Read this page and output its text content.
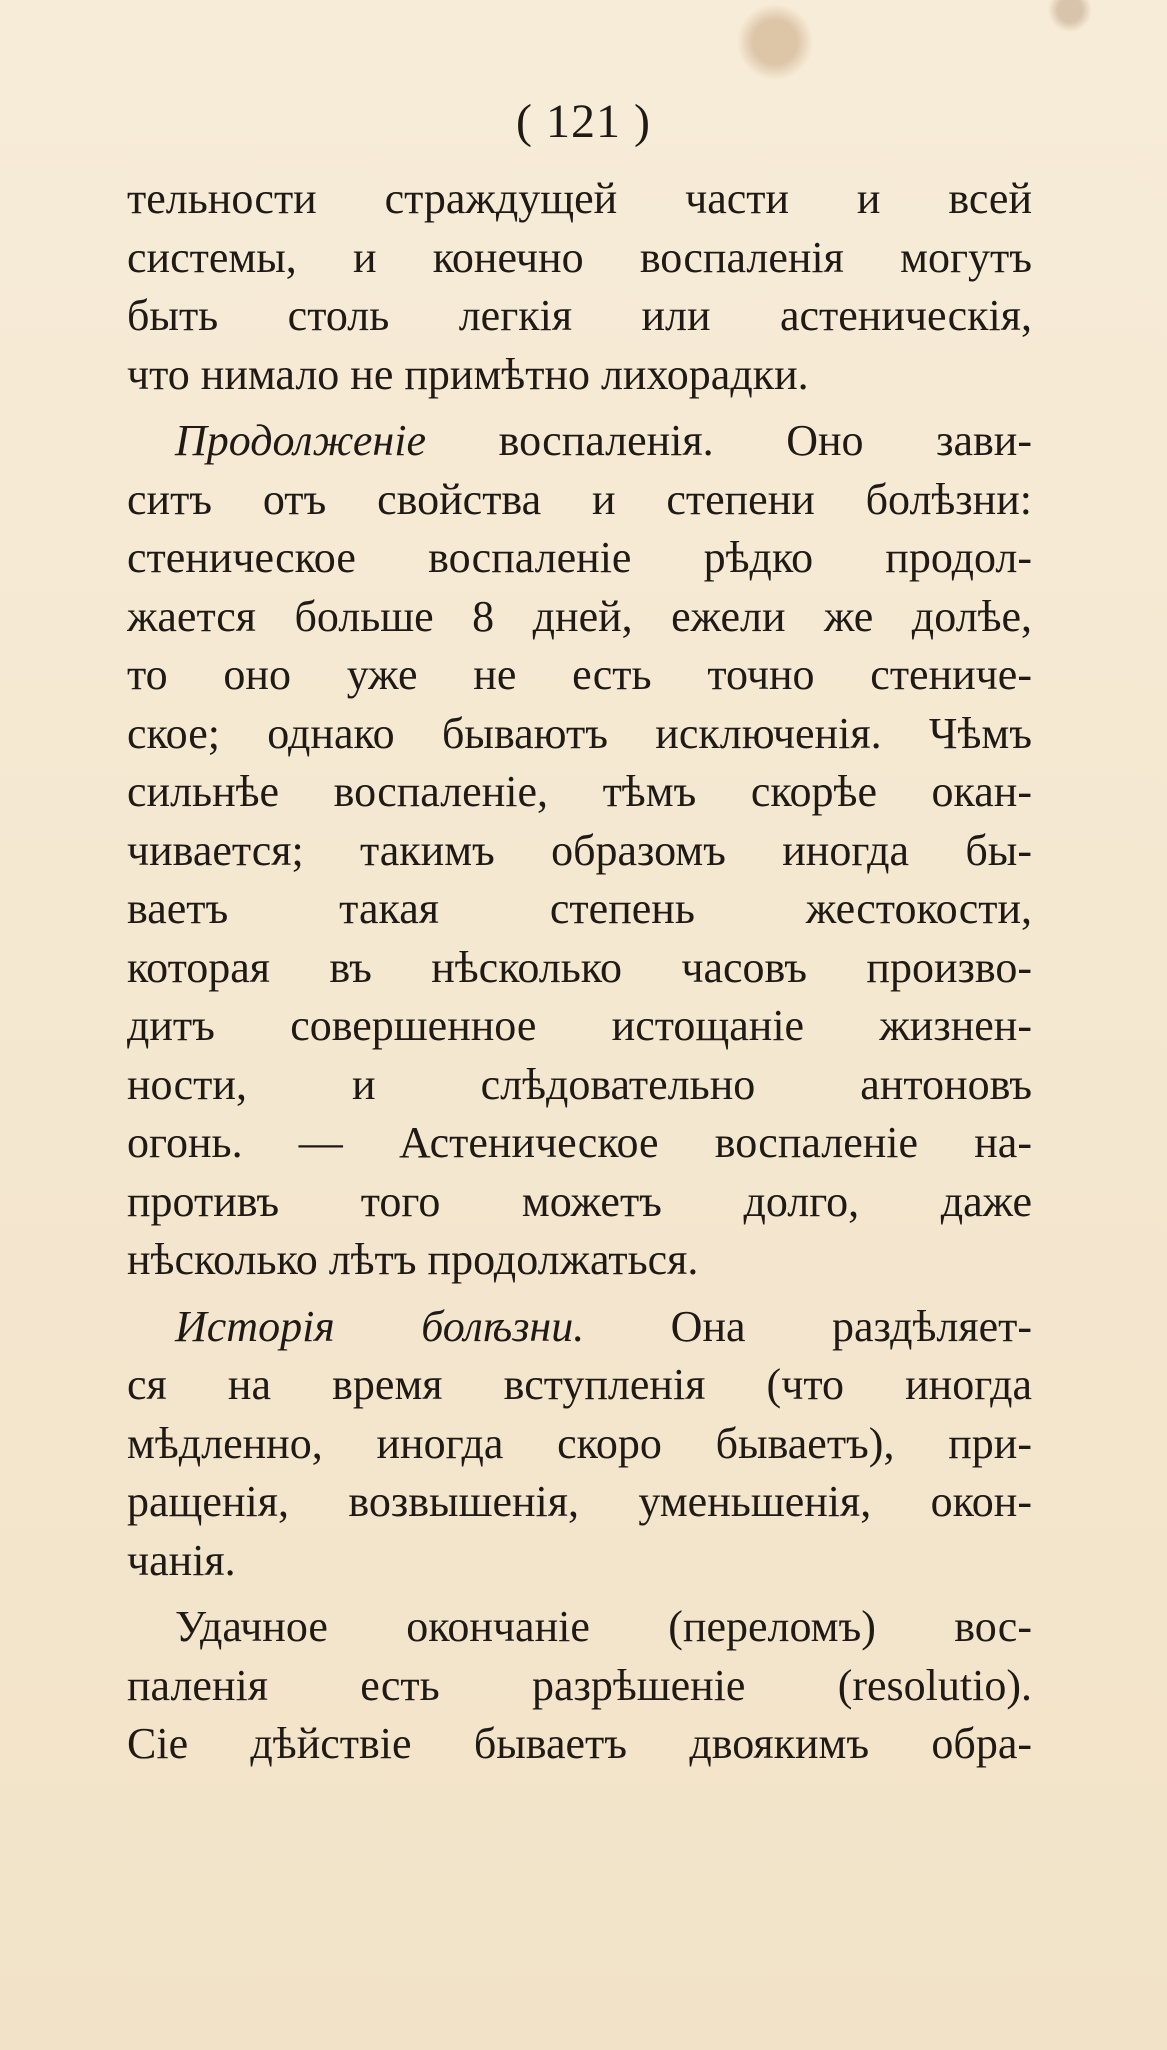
( 121 )
тельности страждущей части и всей
системы, и конечно воспаленія могутъ
быть столь легкія или астеническія,
что нимало не примѣтно лихорадки.
Продолженіе воспаленія. Оно зави-
ситъ отъ свойства и степени болѣзни:
стеническое воспаленіе рѣдко продол-
жается больше 8 дней, ежели же долѣе,
то оно уже не есть точно стениче-
ское; однако бываютъ исключенія. Чѣмъ
сильнѣе воспаленіе, тѣмъ скорѣе окан-
чивается; такимъ образомъ иногда бы-
ваетъ такая степень жестокости,
которая въ нѣсколько часовъ произво-
дитъ совершенное истощаніе жизнен-
ности, и слѣдовательно антоновъ
огонь. — Астеническое воспаленіе на-
противъ того можетъ долго, даже
нѣсколько лѣтъ продолжаться.
Исторія болѣзни. Она раздѣляет-
ся на время вступленія (что иногда
мѣдленно, иногда скоро бываетъ), при-
ращенія, возвышенія, уменьшенія, окон-
чанія.
Удачное окончаніе (переломъ) вос-
паленія есть разрѣшеніе (resolutio).
Сіе дѣйствіе бываетъ двоякимъ обра-
